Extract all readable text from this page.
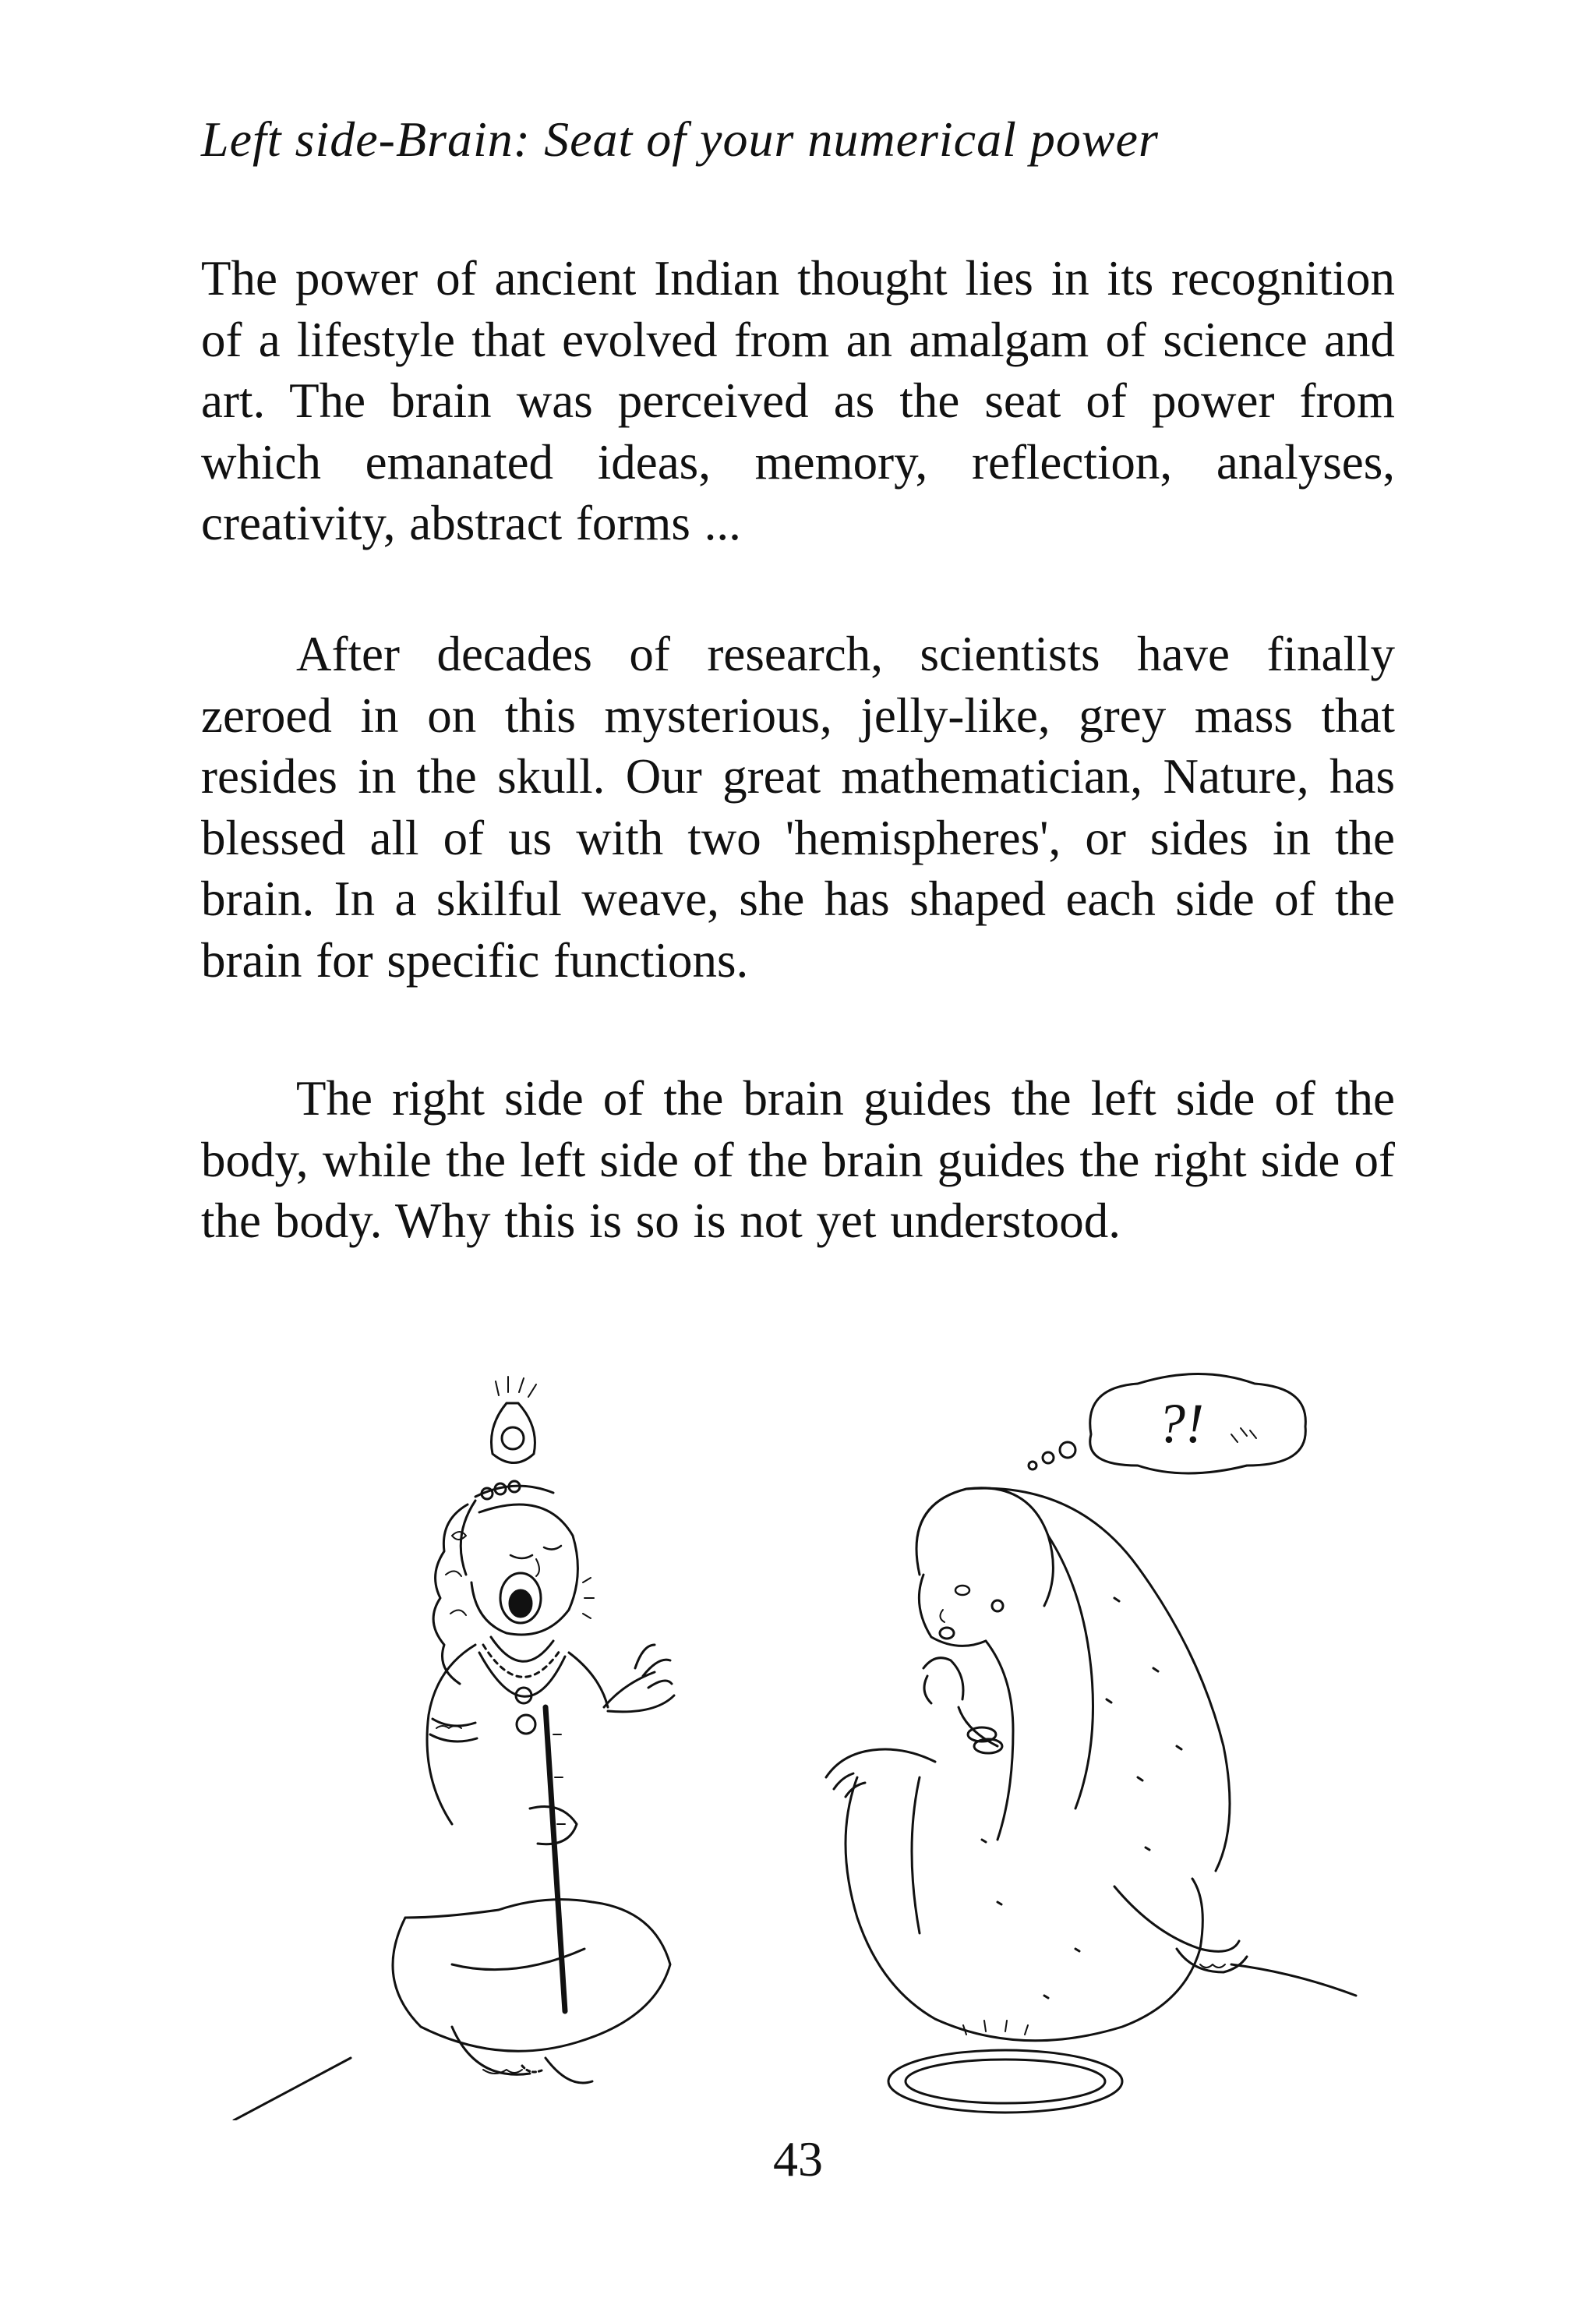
Left side-Brain: Seat of your numerical power

The power of ancient Indian thought lies in its recognition of a lifestyle that evolved from an amalgam of science and art. The brain was perceived as the seat of power from which emanated ideas, memory, reflection, analyses, creativity, abstract forms ...

After decades of research, scientists have finally zeroed in on this mysterious, jelly-like, grey mass that resides in the skull. Our great mathematician, Nature, has blessed all of us with two 'hemispheres', or sides in the brain. In a skilful weave, she has shaped each side of the brain for specific functions.

The right side of the brain guides the left side of the body, while the left side of the brain guides the right side of the body. Why this is so is not yet understood.

?!
43
